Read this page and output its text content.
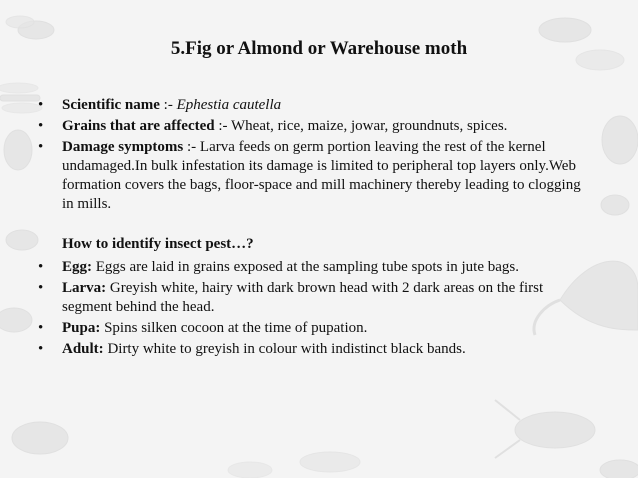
5.Fig or Almond or Warehouse moth
• Scientific name :- Ephestia cautella
• Grains that are affected :- Wheat, rice, maize, jowar, groundnuts, spices.
• Damage symptoms :- Larva feeds on germ portion leaving the rest of the kernel undamaged.In bulk infestation its damage is limited to peripheral top layers only.Web formation covers the bags, floor-space and mill machinery thereby leading to clogging in mills.
How to identify insect pest…?
• Egg: Eggs are laid in grains exposed at the sampling tube spots in jute bags.
• Larva: Greyish white, hairy with dark brown head with 2 dark areas on the first segment behind the head.
• Pupa: Spins silken cocoon at the time of pupation.
• Adult: Dirty white to greyish in colour with indistinct black bands.
